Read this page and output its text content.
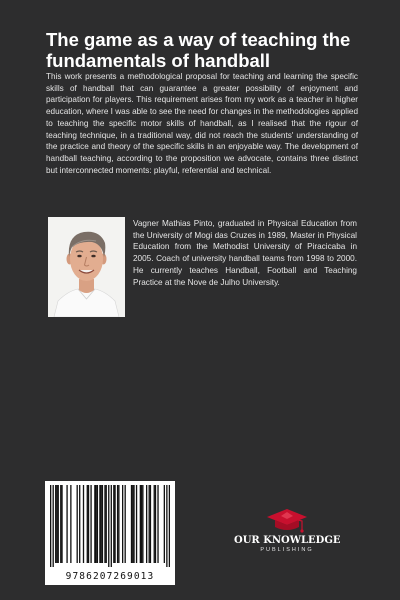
The game as a way of teaching the fundamentals of handball

This work presents a methodological proposal for teaching and learning the specific skills of handball that can guarantee a greater possibility of enjoyment and participation for players. This requirement arises from my work as a teacher in higher education, where I was able to see the need for changes in the methodologies applied to teaching the specific motor skills of handball, as I realised that the rigour of teaching technique, in a traditional way, did not reach the students' understanding of the practice and theory of the specific skills in an enjoyable way. The development of handball teaching, according to the proposition we advocate, contains three distinct but interconnected moments: playful, referential and technical.

Vagner Mathias Pinto, graduated in Physical Education from the University of Mogi das Cruzes in 1989, Master in Physical Education from the Methodist University of Piracicaba in 2005. Coach of university handball teams from 1998 to 2000. He currently teaches Handball, Football and Teaching Practice at the Nove de Julho University.

9786207269013
OUR KNOWLEDGE
PUBLISHING
